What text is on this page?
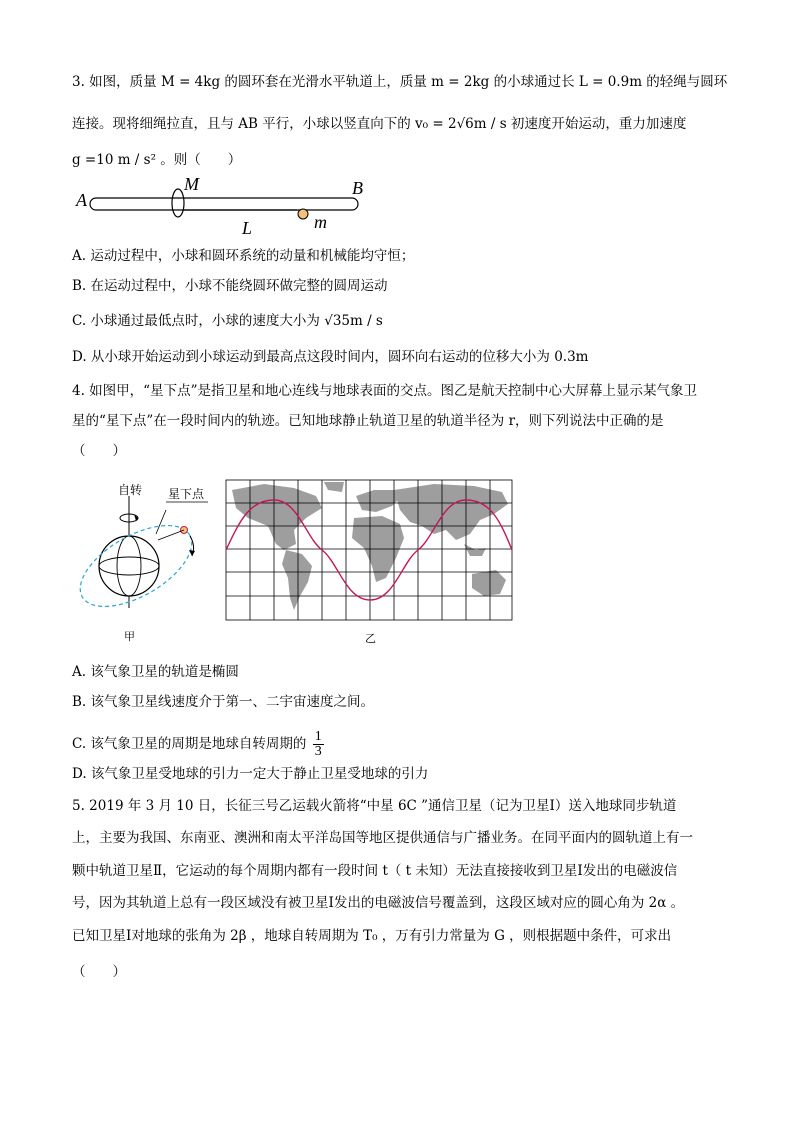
3. 如图，质量 M = 4kg 的圆环套在光滑水平轨道上，质量 m = 2kg 的小球通过长 L = 0.9m 的轻绳与圆环
连接。现将细绳拉直，且与 AB 平行，小球以竖直向下的 v₀ = 2√6m / s 初速度开始运动，重力加速度
g =10 m / s² 。则（　　）
A
B
M
L	m
A. 运动过程中，小球和圆环系统的动量和机械能均守恒；
B. 在运动过程中，小球不能绕圆环做完整的圆周运动
C. 小球通过最低点时，小球的速度大小为 √35m / s
D. 从小球开始运动到小球运动到最高点这段时间内，圆环向右运动的位移大小为 0.3m
4. 如图甲，“星下点”是指卫星和地心连线与地球表面的交点。图乙是航天控制中心大屏幕上显示某气象卫
星的“星下点”在一段时间内的轨迹。已知地球静止轨道卫星的轨道半径为 r，则下列说法中正确的是
（　　）
自转 星下点
甲	乙
A. 该气象卫星的轨道是椭圆
B. 该气象卫星线速度介于第一、二宇宙速度之间。
C. 该气象卫星的周期是地球自转周期的 $\frac{1}{3}$
D. 该气象卫星受地球的引力一定大于静止卫星受地球的引力
5. 2019 年 3 月 10 日，长征三号乙运载火箭将“中星 6C ”通信卫星（记为卫星Ⅰ）送入地球同步轨道
上，主要为我国、东南亚、澳洲和南太平洋岛国等地区提供通信与广播业务。在同平面内的圆轨道上有一
颗中轨道卫星Ⅱ，它运动的每个周期内都有一段时间 t（ t 未知）无法直接接收到卫星Ⅰ发出的电磁波信
号，因为其轨道上总有一段区域没有被卫星Ⅰ发出的电磁波信号覆盖到，这段区域对应的圆心角为 2α 。
已知卫星Ⅰ对地球的张角为 2β ，地球自转周期为 T₀ ，万有引力常量为 G ，则根据题中条件，可求出
（　　）
